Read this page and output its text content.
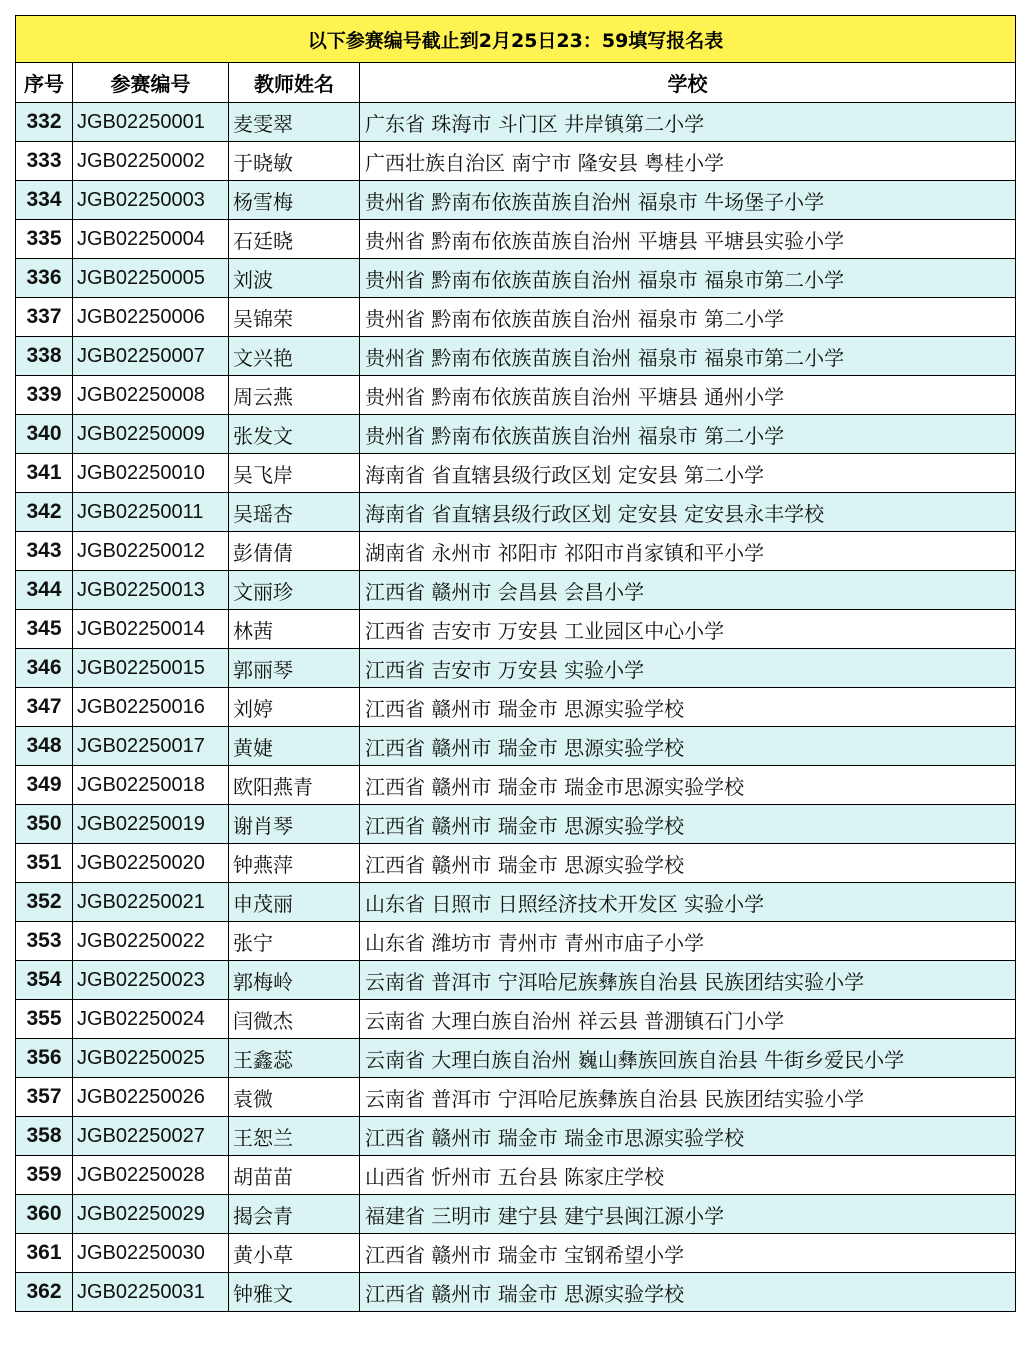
以下参赛编号截止到2月25日23：59填写报名表			
序号	参赛编号	教师姓名	学校
332	JGB02250001	麦雯翠	广东省 珠海市 斗门区 井岸镇第二小学
333	JGB02250002	于晓敏	广西壮族自治区 南宁市 隆安县 粤桂小学
334	JGB02250003	杨雪梅	贵州省 黔南布依族苗族自治州 福泉市 牛场堡子小学
335	JGB02250004	石廷晓	贵州省 黔南布依族苗族自治州 平塘县 平塘县实验小学
336	JGB02250005	刘波	贵州省 黔南布依族苗族自治州 福泉市 福泉市第二小学
337	JGB02250006	吴锦荣	贵州省 黔南布依族苗族自治州 福泉市 第二小学
338	JGB02250007	文兴艳	贵州省 黔南布依族苗族自治州 福泉市 福泉市第二小学
339	JGB02250008	周云燕	贵州省 黔南布依族苗族自治州 平塘县 通州小学
340	JGB02250009	张发文	贵州省 黔南布依族苗族自治州 福泉市 第二小学
341	JGB02250010	吴飞岸	海南省 省直辖县级行政区划 定安县 第二小学
342	JGB02250011	吴瑶杏	海南省 省直辖县级行政区划 定安县 定安县永丰学校
343	JGB02250012	彭倩倩	湖南省 永州市 祁阳市 祁阳市肖家镇和平小学
344	JGB02250013	文丽珍	江西省 赣州市 会昌县 会昌小学
345	JGB02250014	林茜	江西省 吉安市 万安县 工业园区中心小学
346	JGB02250015	郭丽琴	江西省 吉安市 万安县 实验小学
347	JGB02250016	刘婷	江西省 赣州市 瑞金市 思源实验学校
348	JGB02250017	黄婕	江西省 赣州市 瑞金市 思源实验学校
349	JGB02250018	欧阳燕青	江西省 赣州市 瑞金市 瑞金市思源实验学校
350	JGB02250019	谢肖琴	江西省 赣州市 瑞金市 思源实验学校
351	JGB02250020	钟燕萍	江西省 赣州市 瑞金市 思源实验学校
352	JGB02250021	申茂丽	山东省 日照市 日照经济技术开发区 实验小学
353	JGB02250022	张宁	山东省 潍坊市 青州市 青州市庙子小学
354	JGB02250023	郭梅岭	云南省 普洱市 宁洱哈尼族彝族自治县 民族团结实验小学
355	JGB02250024	闫微杰	云南省 大理白族自治州 祥云县 普淜镇石门小学
356	JGB02250025	王鑫蕊	云南省 大理白族自治州 巍山彝族回族自治县 牛街乡爱民小学
357	JGB02250026	袁微	云南省 普洱市 宁洱哈尼族彝族自治县 民族团结实验小学
358	JGB02250027	王恕兰	江西省 赣州市 瑞金市 瑞金市思源实验学校
359	JGB02250028	胡苗苗	山西省 忻州市 五台县 陈家庄学校
360	JGB02250029	揭会青	福建省 三明市 建宁县 建宁县闽江源小学
361	JGB02250030	黄小草	江西省 赣州市 瑞金市 宝钢希望小学
362	JGB02250031	钟雅文	江西省 赣州市 瑞金市 思源实验学校
